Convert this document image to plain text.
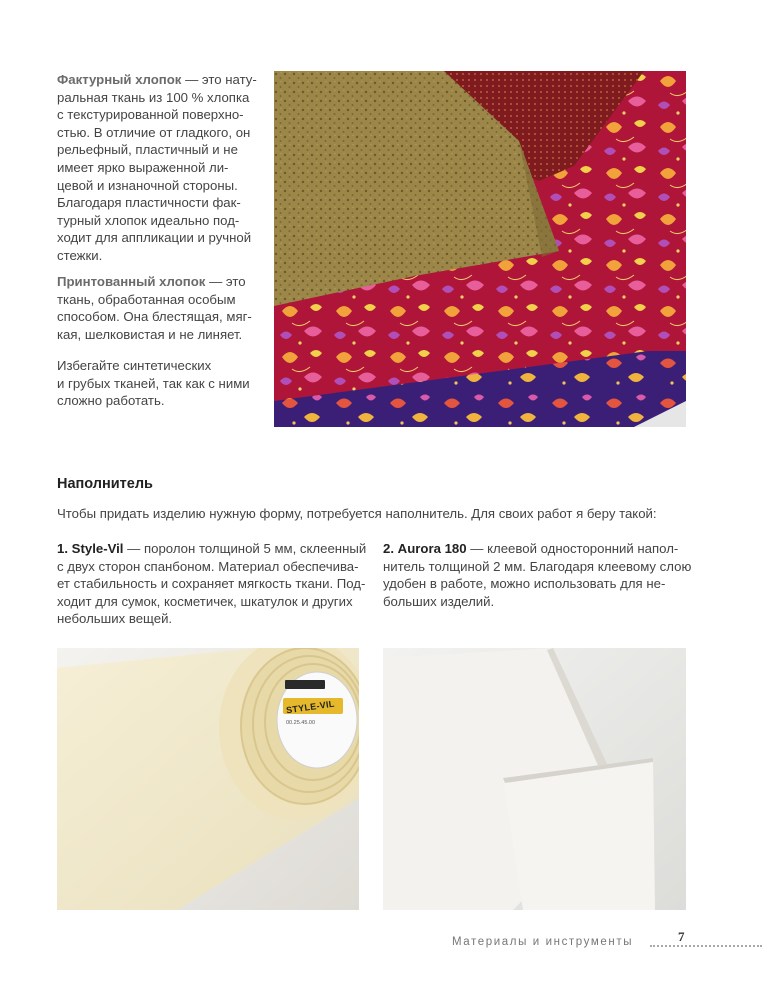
Фактурный хлопок — это нату-
ральная ткань из 100 % хлопка
с текстурированной поверхно-
стью. В отличие от гладкого, он
рельефный, пластичный и не
имеет ярко выраженной ли-
цевой и изнаночной стороны.
Благодаря пластичности фак-
турный хлопок идеально под-
ходит для аппликации и ручной
стежки.
Принтованный хлопок — это
ткань, обработанная особым
способом. Она блестящая, мяг-
кая, шелковистая и не линяет.
Избегайте синтетических
и грубых тканей, так как с ними
сложно работать.
Наполнитель
Чтобы придать изделию нужную форму, потребуется наполнитель. Для своих работ я беру такой:
1. Style-Vil — поролон толщиной 5 мм, склеенный
с двух сторон спанбоном. Материал обеспечива-
ет стабильность и сохраняет мягкость ткани. Под-
ходит для сумок, косметичек, шкатулок и других
небольших вещей.
2. Aurora 180 — клеевой односторонний напол-
нитель толщиной 2 мм. Благодаря клеевому слою
удобен в работе, можно использовать для не-
больших изделий.
STYLE-VIL
00.25.45.00
Материалы и инструменты	7
